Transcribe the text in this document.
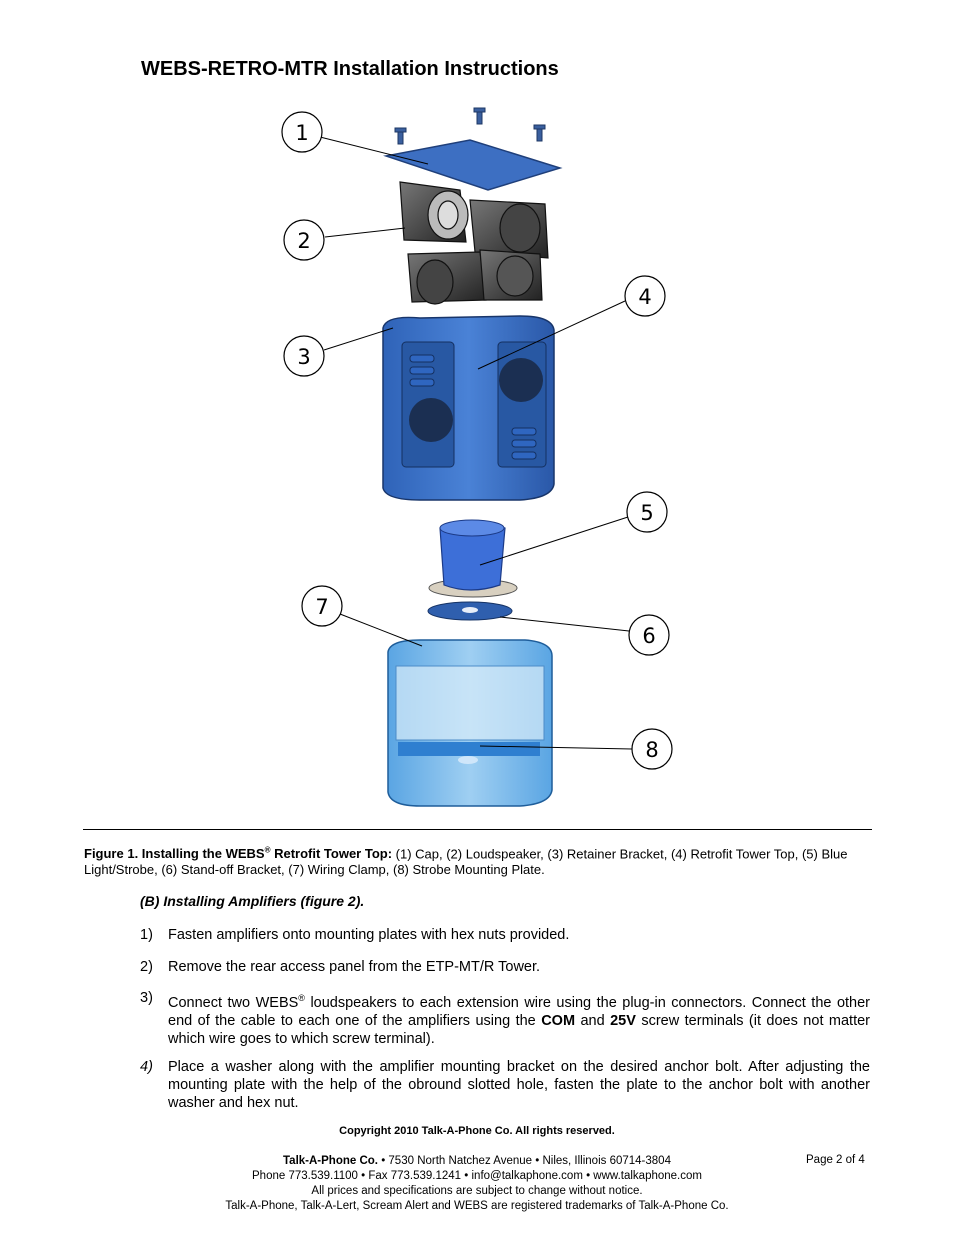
WEBS-RETRO-MTR Installation Instructions
1
2
3
4
5
6
7
8
Figure 1. Installing the WEBS® Retrofit Tower Top: (1) Cap, (2) Loudspeaker, (3) Retainer Bracket, (4) Retrofit Tower Top, (5) Blue Light/Strobe, (6) Stand-off Bracket, (7) Wiring Clamp, (8) Strobe Mounting Plate.
(B) Installing Amplifiers (figure 2).
1)	Fasten amplifiers onto mounting plates with hex nuts provided.
2)	Remove the rear access panel from the ETP-MT/R Tower.
3)	Connect two WEBS® loudspeakers to each extension wire using the plug-in connectors. Connect the other end of the cable to each one of the amplifiers using the COM and 25V screw terminals (it does not matter which wire goes to which screw terminal).
4)	Place a washer along with the amplifier mounting bracket on the desired anchor bolt. After adjusting the mounting plate with the help of the obround slotted hole, fasten the plate to the anchor bolt with another washer and hex nut.
Copyright 2010 Talk-A-Phone Co. All rights reserved.
Talk-A-Phone Co. • 7530 North Natchez Avenue • Niles, Illinois 60714-3804
Phone 773.539.1100 • Fax 773.539.1241 • info@talkaphone.com • www.talkaphone.com
All prices and specifications are subject to change without notice.
Talk-A-Phone, Talk-A-Lert, Scream Alert and WEBS are registered trademarks of Talk-A-Phone Co.
Page 2 of 4
